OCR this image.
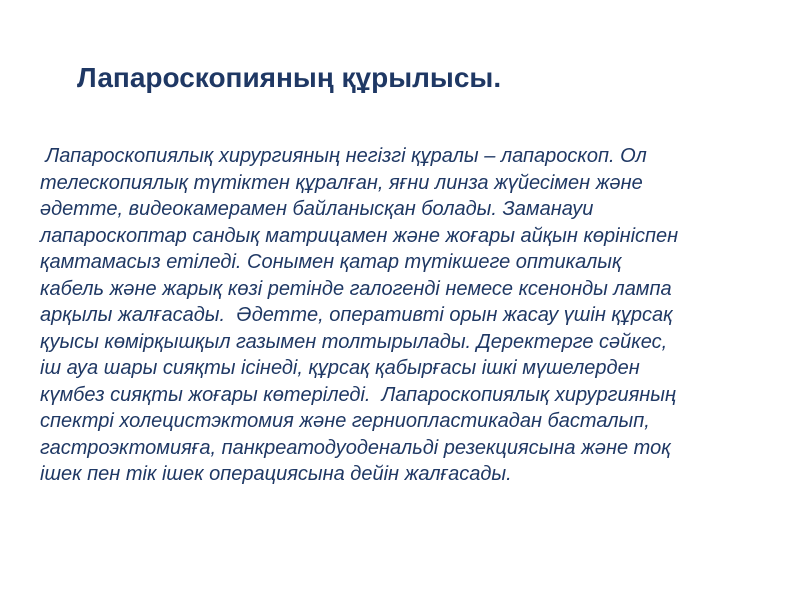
Лапароскопияның құрылысы.
Лапароскопиялық хирургияның негізгі құралы – лапароскоп. Ол
телескопиялық түтіктен құралған, яғни линза жүйесімен және
әдетте, видеокамерамен байланысқан болады. Заманауи
лапароскоптар сандық матрицамен және жоғары айқын көрініспен
қамтамасыз етіледі. Сонымен қатар түтікшеге оптикалық
кабель және жарық көзі ретінде галогенді немесе ксенонды лампа
арқылы жалғасады.  Әдетте, оперативті орын жасау үшін құрсақ
қуысы көмірқышқыл газымен толтырылады. Деректерге сәйкес,
іш ауа шары сияқты ісінеді, құрсақ қабырғасы ішкі мүшелерден
күмбез сияқты жоғары көтеріледі.  Лапароскопиялық хирургияның
спектрі холецистэктомия және герниопластикадан басталып,
гастроэктомияға, панкреатодуоденальді резекциясына және тоқ
ішек пен тік ішек операциясына дейін жалғасады.
